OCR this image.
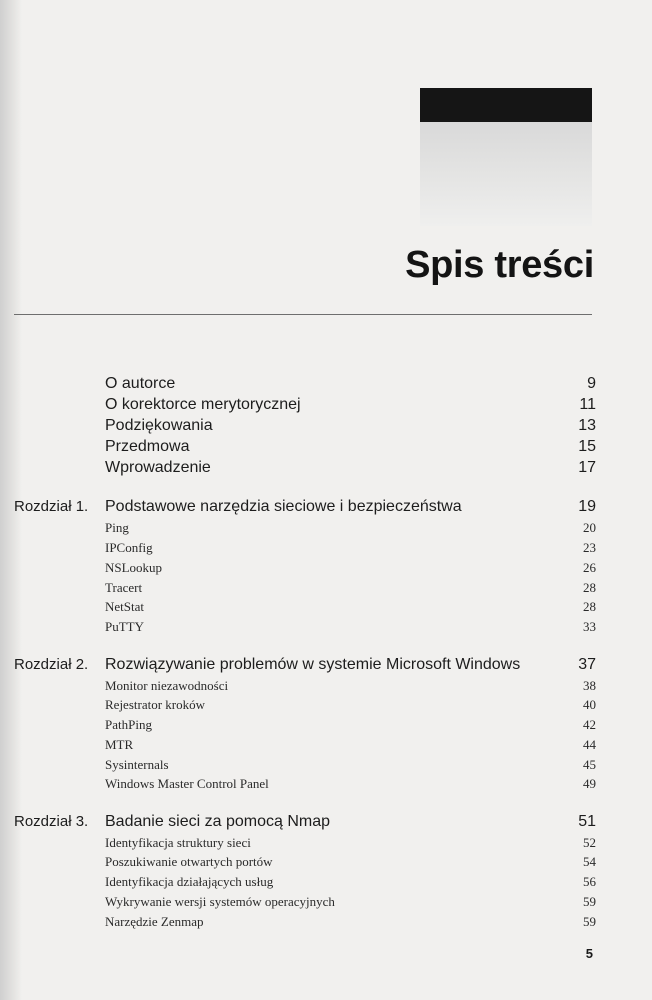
Spis treści
O autorce	9
O korektorce merytorycznej	11
Podziękowania	13
Przedmowa	15
Wprowadzenie	17
Rozdział 1. Podstawowe narzędzia sieciowe i bezpieczeństwa	19
Ping	20
IPConfig	23
NSLookup	26
Tracert	28
NetStat	28
PuTTY	33
Rozdział 2. Rozwiązywanie problemów w systemie Microsoft Windows	37
Monitor niezawodności	38
Rejestrator kroków	40
PathPing	42
MTR	44
Sysinternals	45
Windows Master Control Panel	49
Rozdział 3. Badanie sieci za pomocą Nmap	51
Identyfikacja struktury sieci	52
Poszukiwanie otwartych portów	54
Identyfikacja działających usług	56
Wykrywanie wersji systemów operacyjnych	59
Narzędzie Zenmap	59
5
